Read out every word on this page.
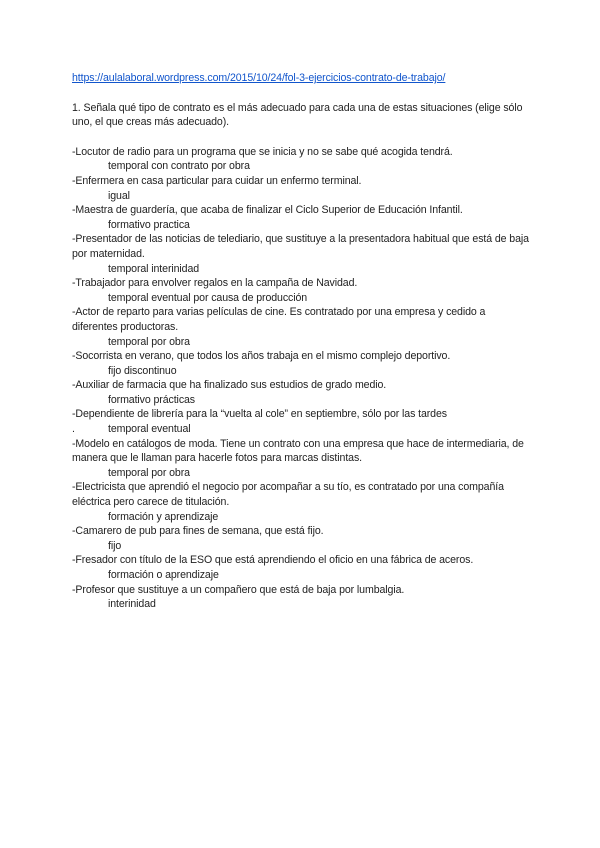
https://aulalaboral.wordpress.com/2015/10/24/fol-3-ejercicios-contrato-de-trabajo/

1. Señala qué tipo de contrato es el más adecuado para cada una de estas situaciones (elige sólo uno, el que creas más adecuado).

-Locutor de radio para un programa que se inicia y no se sabe qué acogida tendrá.

temporal con contrato por obra

-Enfermera en casa particular para cuidar un enfermo terminal.

igual

-Maestra de guardería, que acaba de finalizar el Ciclo Superior de Educación Infantil.

formativo practica

-Presentador de las noticias de telediario, que sustituye a la presentadora habitual que está de baja por maternidad.

temporal interinidad

-Trabajador para envolver regalos en la campaña de Navidad.

temporal eventual por causa de producción

-Actor de reparto para varias películas de cine. Es contratado por una empresa y cedido a diferentes productoras.

temporal por obra

-Socorrista en verano, que todos los años trabaja en el mismo complejo deportivo.

fijo discontinuo

-Auxiliar de farmacia que ha finalizado sus estudios de grado medio.

formativo prácticas

-Dependiente de librería para la “vuelta al cole” en septiembre, sólo por las tardes

.	temporal eventual

-Modelo en catálogos de moda. Tiene un contrato con una empresa que hace de intermediaria, de manera que le llaman para hacerle fotos para marcas distintas.

temporal por obra

-Electricista que aprendió el negocio por acompañar a su tío, es contratado por una compañía eléctrica pero carece de titulación.

formación y aprendizaje

-Camarero de pub para fines de semana, que está fijo.

fijo

-Fresador con título de la ESO que está aprendiendo el oficio en una fábrica de aceros.

formación o aprendizaje

-Profesor que sustituye a un compañero que está de baja por lumbalgia.

interinidad
